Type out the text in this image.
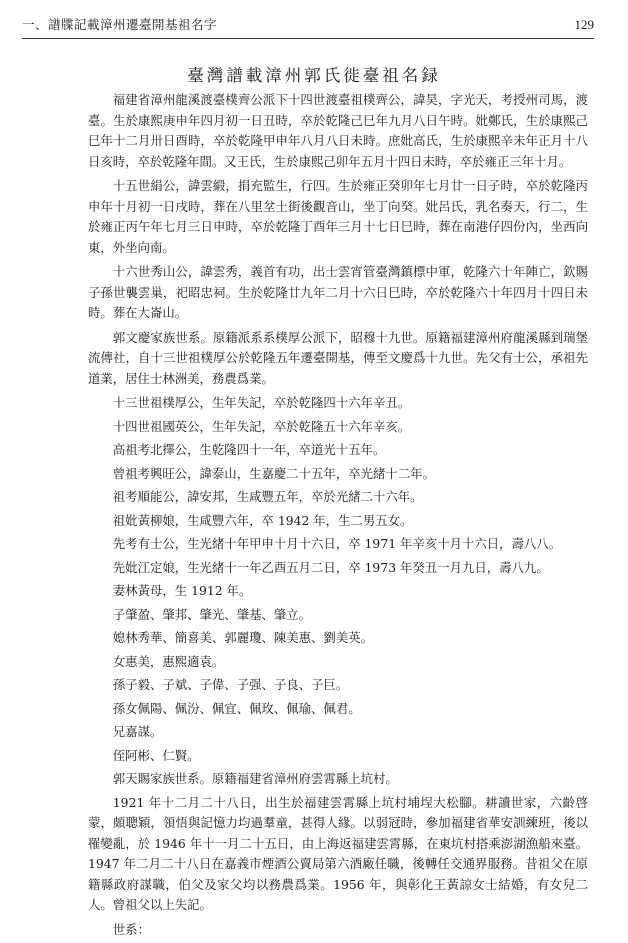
一、譜牒記載漳州遷臺開基祖名字	129
臺灣譜載漳州郭氏徙臺祖名録

福建省漳州龍溪渡臺樸齊公派下十四世渡臺祖樸齊公，諱昊，字光天，考授州司馬，渡臺。生於康熙庚申年四月初一日丑時，卒於乾隆己巳年九月八日午時。妣鄭氏，生於康熙己巳年十二月卅日酉時，卒於乾隆甲申年八月八日未時。庶妣高氏，生於康熙辛未年正月十八日亥時，卒於乾隆年間。又王氏，生於康熙己卯年五月十四日未時，卒於雍正三年十月。

十五世絹公，諱雲緞，捐充監生，行四。生於雍正癸卯年七月廿一日子時，卒於乾隆丙申年十月初一日戌時，葬在八里坌土街後觀音山，坐丁向癸。妣呂氏，乳名奏天，行二，生於雍正丙午年七月三日申時，卒於乾隆丁酉年三月十七日巳時，葬在南港仔四份內，坐西向東，外坐向南。

十六世秀山公，諱雲秀，義首有功，出士雲宵管臺灣鎮標中軍，乾隆六十年陣亡，欽賜子孫世襲雲巢，祀昭忠祠。生於乾隆廿九年二月十六日巳時，卒於乾隆六十年四月十四日未時。葬在大崙山。

郭文慶家族世系。原籍派系系樸厚公派下，昭穆十九世。原籍福建漳州府龍溪縣到瑞堡流傳社，自十三世祖樸厚公於乾隆五年遷臺開基，傳至文慶爲十九世。先父有士公，承祖先道業，居住士林洲美，務農爲業。

十三世祖樸厚公，生年失記，卒於乾隆四十六年辛丑。

十四世祖國英公，生年失記，卒於乾隆五十六年辛亥。

高祖考北擇公，生乾隆四十一年，卒道光十五年。

曾祖考興旺公，諱泰山，生嘉慶二十五年，卒光緒十二年。

祖考順能公，諱安邦，生咸豐五年，卒於光緒二十六年。

祖妣黃柳娘，生咸豐六年，卒 1942 年，生二男五女。

先考有士公，生光緒十年甲申十月十六日，卒 1971 年辛亥十月十六日，壽八八。

先妣江定娘，生光緒十一年乙酉五月二日，卒 1973 年癸丑一月九日，壽八九。

妻林黃母，生 1912 年。

子肇盈、肇邦、肇光、肇基、肇立。

媳林秀華、簡喜美、郭麗瓊、陳美惠、劉美英。

女惠美，惠熙適袁。

孫子毅、子斌、子偉、子强、子良、子巨。

孫女佩陽、佩汾、佩宜、佩玫、佩瑜、佩君。

兄嘉謀。

侄阿彬、仁賢。

郭天賜家族世系。原籍福建省漳州府雲霄縣上坑村。

1921 年十二月二十八日，出生於福建雲霄縣上坑村埔埕大松腳。耕讀世家，六齡啓蒙，頗聰穎，領悟與記憶力均過羣童，甚得人緣。以弱冠時，參加福建省華安訓練班，後以罹變亂，於 1946 年十一月二十五日，由上海返福建雲霄縣，在東坑村搭乘澎湖漁船來臺。1947 年二月二十八日在嘉義市煙酒公賣局第六酒廠任職，後轉任交通界服務。昔祖父在原籍縣政府謀職，伯父及家父均以務農爲業。1956 年，與彰化王黃諒女士結婚，有女兒二人。曾祖父以上失記。

世系：
